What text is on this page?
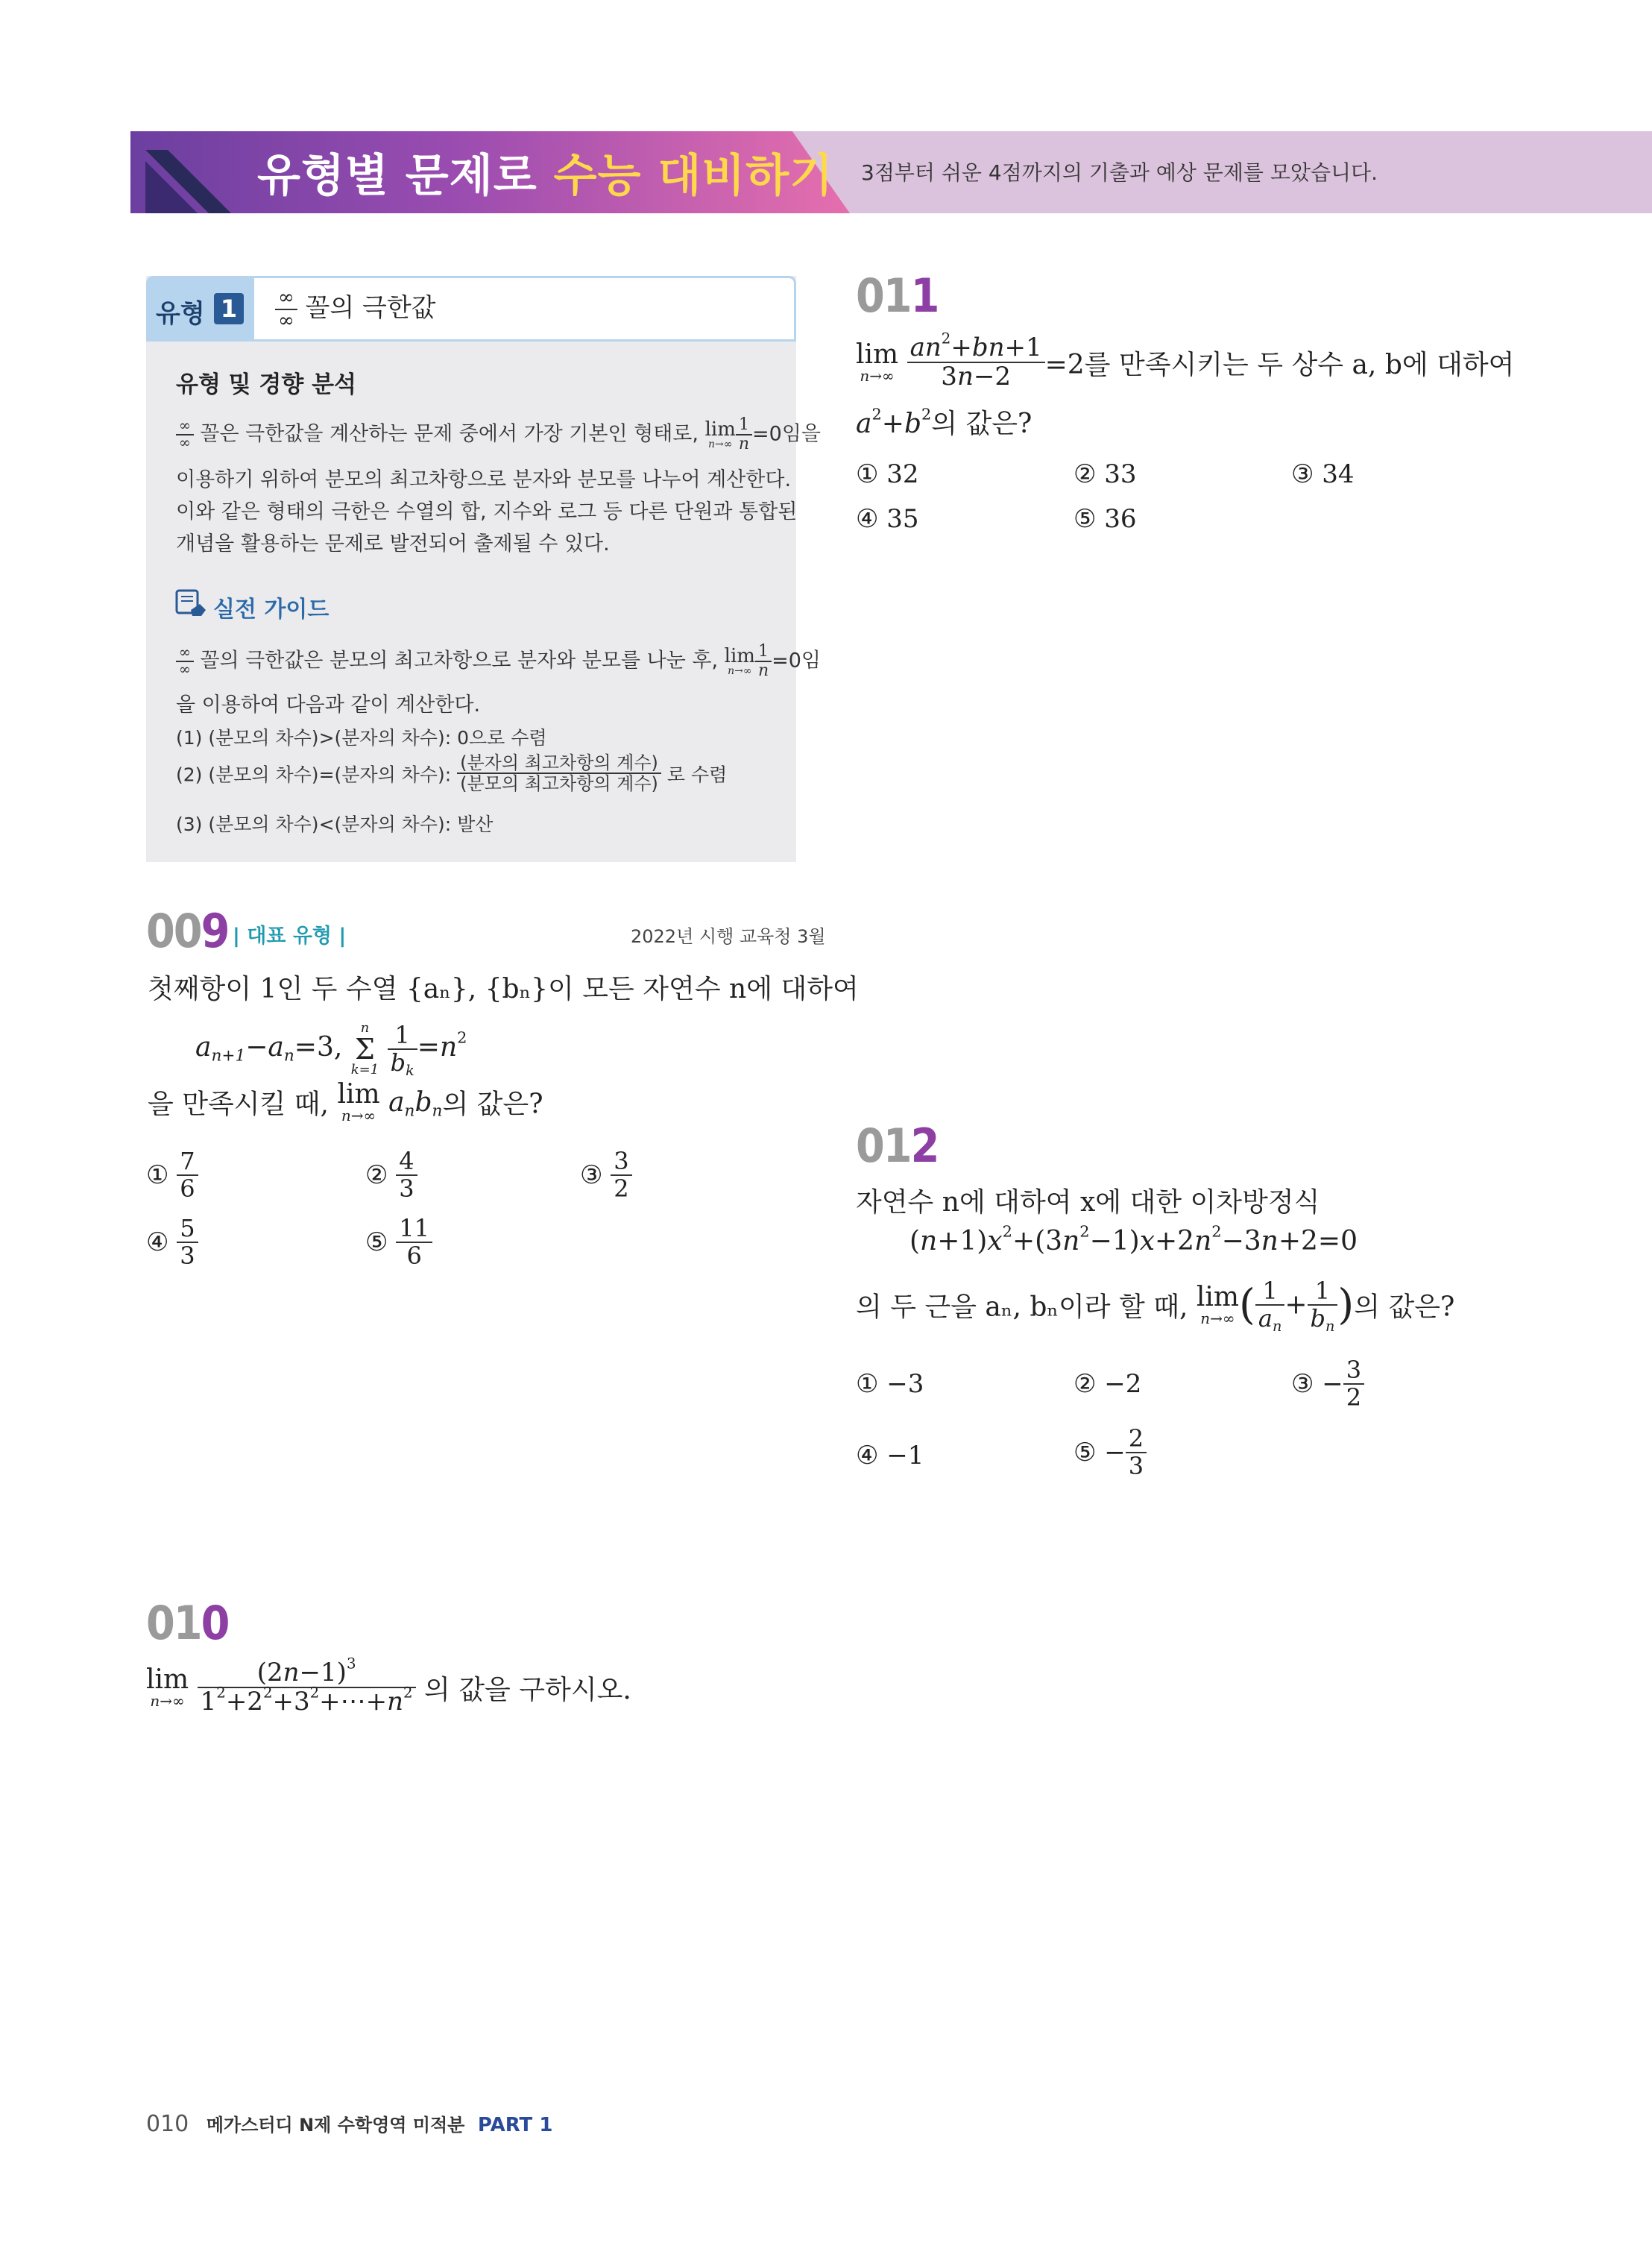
유형별 문제로 수능 대비하기 3점부터 쉬운 4점까지의 기출과 예상 문제를 모았습니다.
유형 1	$\frac{\infty}{\infty}$ 꼴의 극한값
유형 및 경향 분석
$\frac{\infty}{\infty}$ 꼴은 극한값을 계산하는 문제 중에서 가장 기본인 형태로, lim
$n\to\infty \frac{1}{n} =0$임을
이용하기 위하여 분모의 최고차항으로 분자와 분모를 나누어 계산한다.
이와 같은 형태의 극한은 수열의 합, 지수와 로그 등 다른 단원과 통합된
개념을 활용하는 문제로 발전되어 출제될 수 있다.
실전 가이드
$\frac{\infty}{\infty}$ 꼴의 극한값은 분모의 최고차항으로 분자와 분모를 나눈 후, lim
$n\to\infty \frac{1}{n} =0$임
을 이용하여 다음과 같이 계산한다.
(1) (분모의 차수)>(분자의 차수): 0으로 수렴
(2) (분모의 차수)=(분자의 차수): $\frac{\text{(분자의 최고차항의 계수)}}{\text{(분모의 최고차항의 계수)}}$ 로 수렴
(3) (분모의 차수)<(분자의 차수): 발산
009 | 대표 유형 |	2022년 시행 교육청 3월
첫째항이 1인 두 수열 {aₙ}, {bₙ}이 모든 자연수 n에 대하여
$a_{n+1}-a_n=3$,
n
Σ
k=1
$\frac{1}{b_k} =n^2$
을 만족시킬 때, lim
n→∞ $a_nb_n$의 값은?
① $\frac{7}{6}$	② $\frac{4}{3}$	③ $\frac{3}{2}$
④ $\frac{5}{3}$	⑤ $\frac{11}{6}$
010
lim
n→∞
$\frac{(2n-1)^3}{1^2+2^2+3^2+\cdots+n^2}$ 의 값을 구하시오.
011
lim
n→∞
$\frac{an^2+bn+1}{3n-2} =2$를 만족시키는 두 상수 a, b에 대하여
$a^2+b^2$의 값은?
① 32	② 33	③ 34
④ 35	⑤ 36
012
자연수 n에 대하여 x에 대한 이차방정식
$(n+1)x^2+(3n^2-1)x+2n^2-3n+2=0$
의 두 근을 aₙ, bₙ이라 할 때, lim
n→∞ ( $\frac{1}{a_n} + \frac{1}{b_n}$ )의 값은?
① −3	② −2	③ − $\frac{3}{2}$
④ −1	⑤ − $\frac{2}{3}$
010 메가스터디 N제 수학영역 미적분 PART 1
